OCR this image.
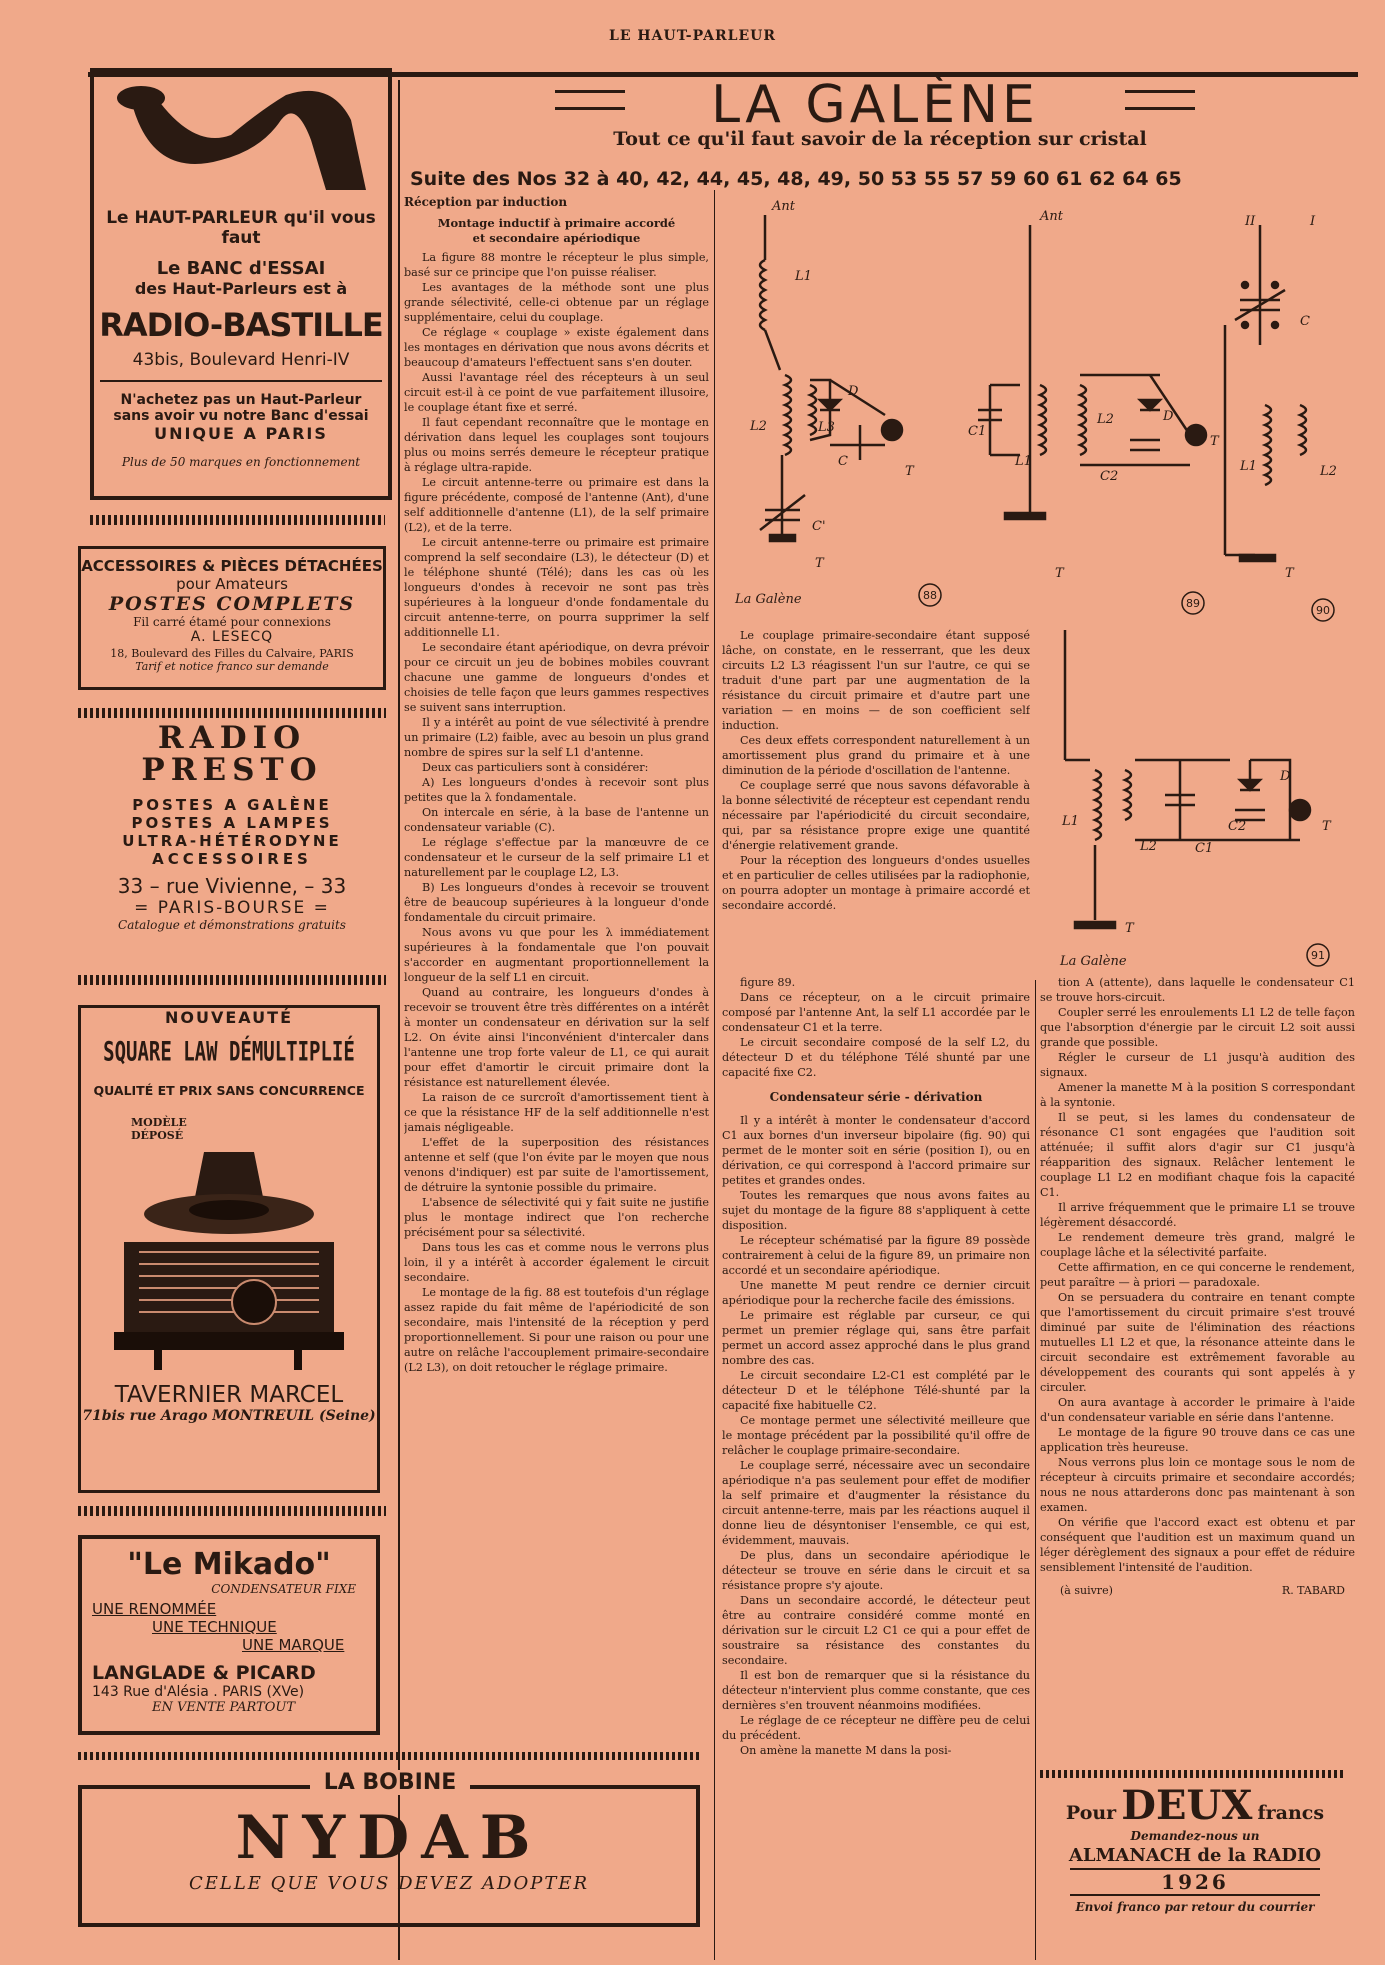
LE HAUT-PARLEUR
Le HAUT-PARLEUR qu'il vous faut
Le BANC d'ESSAI
des Haut-Parleurs est à
RADIO-BASTILLE
43bis, Boulevard Henri-IV
N'achetez pas un Haut-Parleur
sans avoir vu notre Banc d'essai
UNIQUE A PARIS
Plus de 50 marques en fonctionnement
ACCESSOIRES & PIÈCES DÉTACHÉES
pour Amateurs
POSTES COMPLETS
Fil carré étamé pour connexions
A. LESECQ
18, Boulevard des Filles du Calvaire, PARIS
Tarif et notice franco sur demande
RADIO
PRESTO
POSTES A GALÈNE
POSTES A LAMPES
ULTRA-HÉTÉRODYNE
ACCESSOIRES
33 – rue Vivienne, – 33
= PARIS-BOURSE =
Catalogue et démonstrations gratuits
NOUVEAUTÉ
SQUARE LAW DÉMULTIPLIÉ
QUALITÉ ET PRIX SANS CONCURRENCE
MODÈLE
DÉPOSÉ
TAVERNIER MARCEL
71bis rue Arago MONTREUIL (Seine)
"Le Mikado"
CONDENSATEUR FIXE
UNE RENOMMÉE
UNE TECHNIQUE
UNE MARQUE
LANGLADE & PICARD
143 Rue d'Alésia . PARIS (XVe)
EN VENTE PARTOUT
LA BOBINE
NYDAB
CELLE QUE VOUS DEVEZ ADOPTER
LA GALÈNE
Tout ce qu'il faut savoir de la réception sur cristal
Suite des Nos 32 à 40, 42, 44, 45, 48, 49, 50 53 55 57 59 60 61 62 64 65
Réception par induction
Montage inductif à primaire accordé et secondaire apériodique

La figure 88 montre le récepteur le plus simple, basé sur ce principe que l'on puisse réaliser.

Les avantages de la méthode sont une plus grande sélectivité, celle-ci obtenue par un réglage supplémentaire, celui du couplage.

Ce réglage « couplage » existe également dans les montages en dérivation que nous avons décrits et beaucoup d'amateurs l'effectuent sans s'en douter.

Aussi l'avantage réel des récepteurs à un seul circuit est-il à ce point de vue parfaitement illusoire, le couplage étant fixe et serré.

Il faut cependant reconnaître que le montage en dérivation dans lequel les couplages sont toujours plus ou moins serrés demeure le récepteur pratique à réglage ultra-rapide.

Le circuit antenne-terre ou primaire est dans la figure précédente, composé de l'antenne (Ant), d'une self additionnelle d'antenne (L1), de la self primaire (L2), et de la terre.

Le circuit antenne-terre ou primaire est primaire comprend la self secondaire (L3), le détecteur (D) et le téléphone shunté (Télé); dans les cas où les longueurs d'ondes à recevoir ne sont pas très supérieures à la longueur d'onde fondamentale du circuit antenne-terre, on pourra supprimer la self additionnelle L1.

Le secondaire étant apériodique, on devra prévoir pour ce circuit un jeu de bobines mobiles couvrant chacune une gamme de longueurs d'ondes et choisies de telle façon que leurs gammes respectives se suivent sans interruption.

Il y a intérêt au point de vue sélectivité à prendre un primaire (L2) faible, avec au besoin un plus grand nombre de spires sur la self L1 d'antenne.

Deux cas particuliers sont à considérer:

A) Les longueurs d'ondes à recevoir sont plus petites que la λ fondamentale.

On intercale en série, à la base de l'antenne un condensateur variable (C).

Le réglage s'effectue par la manœuvre de ce condensateur et le curseur de la self primaire L1 et naturellement par le couplage L2, L3.

B) Les longueurs d'ondes à recevoir se trouvent être de beaucoup supérieures à la longueur d'onde fondamentale du circuit primaire.

Nous avons vu que pour les λ immédiatement supérieures à la fondamentale que l'on pouvait s'accorder en augmentant proportionnellement la longueur de la self L1 en circuit.

Quand au contraire, les longueurs d'ondes à recevoir se trouvent être très différentes on a intérêt à monter un condensateur en dérivation sur la self L2. On évite ainsi l'inconvénient d'intercaler dans l'antenne une trop forte valeur de L1, ce qui aurait pour effet d'amortir le circuit primaire dont la résistance est naturellement élevée.

La raison de ce surcroît d'amortissement tient à ce que la résistance HF de la self additionnelle n'est jamais négligeable.

L'effet de la superposition des résistances antenne et self (que l'on évite par le moyen que nous venons d'indiquer) est par suite de l'amortissement, de détruire la syntonie possible du primaire.

L'absence de sélectivité qui y fait suite ne justifie plus le montage indirect que l'on recherche précisément pour sa sélectivité.

Dans tous les cas et comme nous le verrons plus loin, il y a intérêt à accorder également le circuit secondaire.

Le montage de la fig. 88 est toutefois d'un réglage assez rapide du fait même de l'apériodicité de son secondaire, mais l'intensité de la réception y perd proportionnellement. Si pour une raison ou pour une autre on relâche l'accouplement primaire-secondaire (L2 L3), on doit retoucher le réglage primaire.

Ant
L1
L2	L3
D
C
T
C'
T
La Galène
Ant
C1
L1
L2	D
C2
T
T
II	I
C
L1	L2
T
88
89
90
L1
L2	C1
C2
D
T
T
La Galène	91

Le couplage primaire-secondaire étant supposé lâche, on constate, en le resserrant, que les deux circuits L2 L3 réagissent l'un sur l'autre, ce qui se traduit d'une part par une augmentation de la résistance du circuit primaire et d'autre part une variation — en moins — de son coefficient self induction.

Ces deux effets correspondent naturellement à un amortissement plus grand du primaire et à une diminution de la période d'oscillation de l'antenne.

Ce couplage serré que nous savons défavorable à la bonne sélectivité de récepteur est cependant rendu nécessaire par l'apériodicité du circuit secondaire, qui, par sa résistance propre exige une quantité d'énergie relativement grande.

Pour la réception des longueurs d'ondes usuelles et en particulier de celles utilisées par la radiophonie, on pourra adopter un montage à primaire accordé et secondaire accordé.

figure 89.

Dans ce récepteur, on a le circuit primaire composé par l'antenne Ant, la self L1 accordée par le condensateur C1 et la terre.

Le circuit secondaire composé de la self L2, du détecteur D et du téléphone Télé shunté par une capacité fixe C2.

Condensateur série - dérivation

Il y a intérêt à monter le condensateur d'accord C1 aux bornes d'un inverseur bipolaire (fig. 90) qui permet de le monter soit en série (position I), ou en dérivation, ce qui correspond à l'accord primaire sur petites et grandes ondes.

Toutes les remarques que nous avons faites au sujet du montage de la figure 88 s'appliquent à cette disposition.

Le récepteur schématisé par la figure 89 possède contrairement à celui de la figure 89, un primaire non accordé et un secondaire apériodique.

Une manette M peut rendre ce dernier circuit apériodique pour la recherche facile des émissions.

Le primaire est réglable par curseur, ce qui permet un premier réglage qui, sans être parfait permet un accord assez approché dans le plus grand nombre des cas.

Le circuit secondaire L2-C1 est complété par le détecteur D et le téléphone Télé-shunté par la capacité fixe habituelle C2.

Ce montage permet une sélectivité meilleure que le montage précédent par la possibilité qu'il offre de relâcher le couplage primaire-secondaire.

Le couplage serré, nécessaire avec un secondaire apériodique n'a pas seulement pour effet de modifier la self primaire et d'augmenter la résistance du circuit antenne-terre, mais par les réactions auquel il donne lieu de désyntoniser l'ensemble, ce qui est, évidemment, mauvais.

De plus, dans un secondaire apériodique le détecteur se trouve en série dans le circuit et sa résistance propre s'y ajoute.

Dans un secondaire accordé, le détecteur peut être au contraire considéré comme monté en dérivation sur le circuit L2 C1 ce qui a pour effet de soustraire sa résistance des constantes du secondaire.

Il est bon de remarquer que si la résistance du détecteur n'intervient plus comme constante, que ces dernières s'en trouvent néanmoins modifiées.

Le réglage de ce récepteur ne diffère peu de celui du précédent.

On amène la manette M dans la posi-

tion A (attente), dans laquelle le condensateur C1 se trouve hors-circuit.

Coupler serré les enroulements L1 L2 de telle façon que l'absorption d'énergie par le circuit L2 soit aussi grande que possible.

Régler le curseur de L1 jusqu'à audition des signaux.

Amener la manette M à la position S correspondant à la syntonie.

Il se peut, si les lames du condensateur de résonance C1 sont engagées que l'audition soit atténuée; il suffit alors d'agir sur C1 jusqu'à réapparition des signaux. Relâcher lentement le couplage L1 L2 en modifiant chaque fois la capacité C1.

Il arrive fréquemment que le primaire L1 se trouve légèrement désaccordé.

Le rendement demeure très grand, malgré le couplage lâche et la sélectivité parfaite.

Cette affirmation, en ce qui concerne le rendement, peut paraître — à priori — paradoxale.

On se persuadera du contraire en tenant compte que l'amortissement du circuit primaire s'est trouvé diminué par suite de l'élimination des réactions mutuelles L1 L2 et que, la résonance atteinte dans le circuit secondaire est extrêmement favorable au développement des courants qui sont appelés à y circuler.

On aura avantage à accorder le primaire à l'aide d'un condensateur variable en série dans l'antenne.

Le montage de la figure 90 trouve dans ce cas une application très heureuse.

Nous verrons plus loin ce montage sous le nom de récepteur à circuits primaire et secondaire accordés; nous ne nous attarderons donc pas maintenant à son examen.

On vérifie que l'accord exact est obtenu et par conséquent que l'audition est un maximum quand un léger dérèglement des signaux a pour effet de réduire sensiblement l'intensité de l'audition.

(à suivre)	R. TABARD
Pour DEUX francs
Demandez-nous un
ALMANACH de la RADIO
1926
Envoi franco par retour du courrier
